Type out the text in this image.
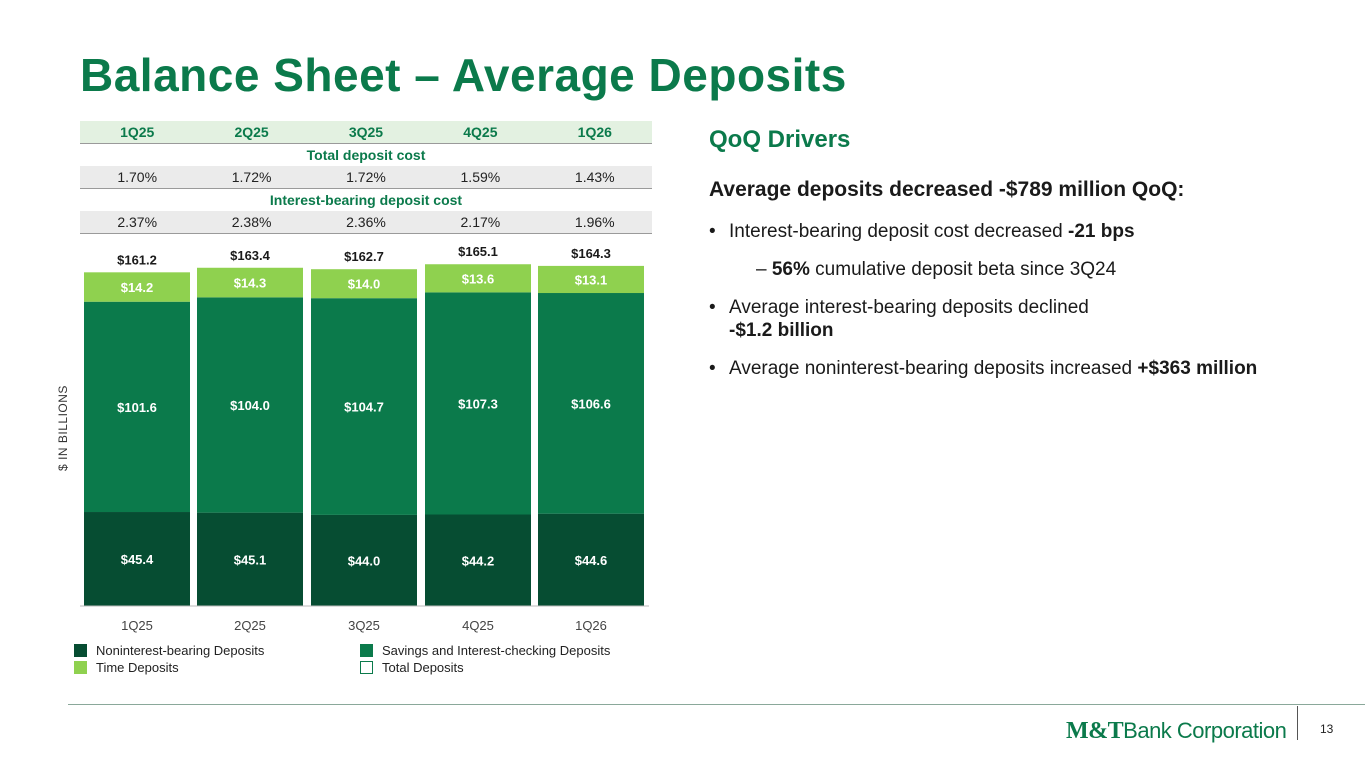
Balance Sheet – Average Deposits
1Q25	2Q25	3Q25	4Q25	1Q26
Total deposit cost				
1.70%	1.72%	1.72%	1.59%	1.43%
Interest-bearing deposit cost				
2.37%	2.38%	2.36%	2.17%	1.96%
$ IN BILLIONS
$45.4
$101.6
$14.2
$161.2
1Q25
$45.1
$104.0
$14.3
$163.4
2Q25
$44.0
$104.7
$14.0
$162.7
3Q25
$44.2
$107.3
$13.6
$165.1
4Q25
$44.6
$106.6
$13.1
$164.3
1Q26
Noninterest-bearing Deposits
Time Deposits
Savings and Interest-checking Deposits
Total Deposits
QoQ Drivers
Average deposits decreased -$789 million QoQ:
• Interest-bearing deposit cost decreased -21 bps
– 56% cumulative deposit beta since 3Q24
• Average interest-bearing deposits declined
-$1.2 billion
• Average noninterest-bearing deposits increased +$363 million
M&TBank Corporation	13
